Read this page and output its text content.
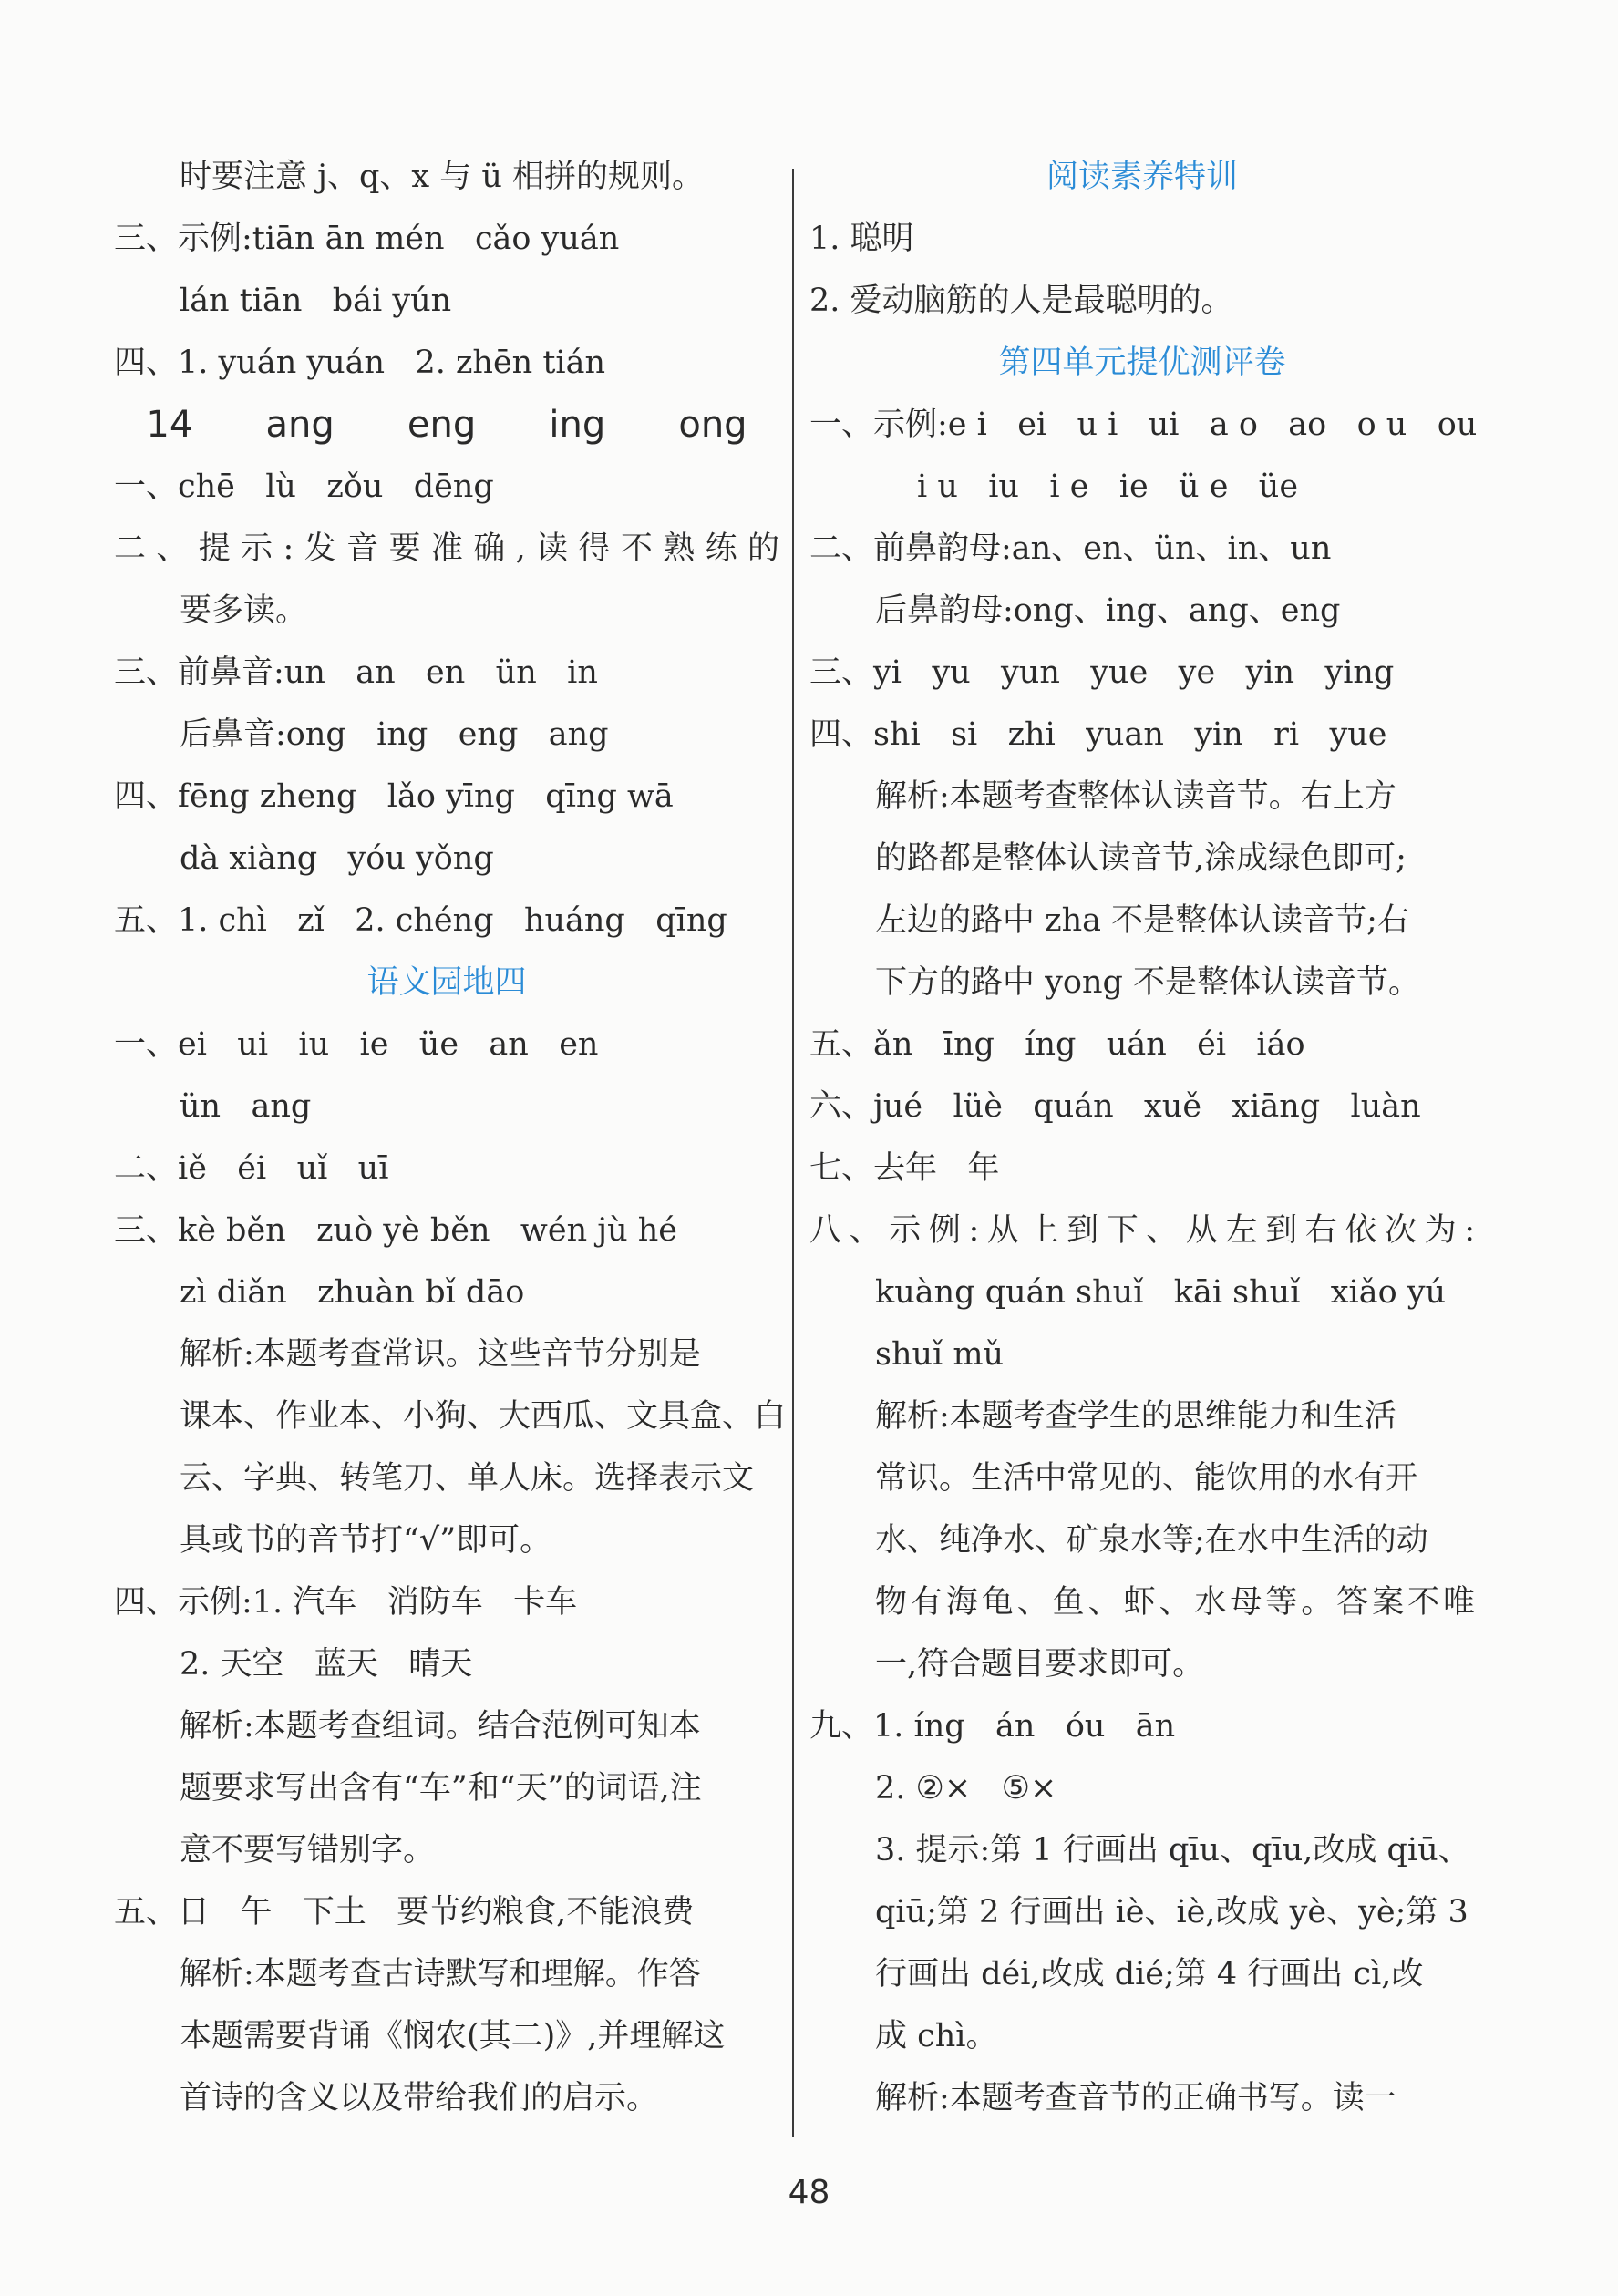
时要注意 j、q、x 与 ü 相拼的规则。
三、示例:tiān ān mén   cǎo yuán
lán tiān   bái yún
四、1. yuán yuán   2. zhēn tián
14   ang   eng   ing   ong
一、chē   lù   zǒu   dēng
二、提示:发音要准确,读得不熟练的
要多读。
三、前鼻音:un   an   en   ün   in
后鼻音:ong   ing   eng   ang
四、fēng zheng   lǎo yīng   qīng wā
dà xiàng   yóu yǒng
五、1. chì   zǐ   2. chéng   huáng   qīng
语文园地四
一、ei   ui   iu   ie   üe   an   en
ün   ang
二、iě   éi   uǐ   uī
三、kè běn   zuò yè běn   wén jù hé
zì diǎn   zhuàn bǐ dāo
解析:本题考查常识。这些音节分别是
课本、作业本、小狗、大西瓜、文具盒、白
云、字典、转笔刀、单人床。选择表示文
具或书的音节打“√”即可。
四、示例:1. 汽车   消防车   卡车
2. 天空   蓝天   晴天
解析:本题考查组词。结合范例可知本
题要求写出含有“车”和“天”的词语,注
意不要写错别字。
五、日   午   下土   要节约粮食,不能浪费
解析:本题考查古诗默写和理解。作答
本题需要背诵《悯农(其二)》,并理解这
首诗的含义以及带给我们的启示。
阅读素养特训
1. 聪明
2. 爱动脑筋的人是最聪明的。
第四单元提优测评卷
一、示例:e i   ei   u i   ui   a o   ao   o u   ou
i u   iu   i e   ie   ü e   üe
二、前鼻韵母:an、en、ün、in、un
后鼻韵母:ong、ing、ang、eng
三、yi   yu   yun   yue   ye   yin   ying
四、shi   si   zhi   yuan   yin   ri   yue
解析:本题考查整体认读音节。右上方
的路都是整体认读音节,涂成绿色即可;
左边的路中 zha 不是整体认读音节;右
下方的路中 yong 不是整体认读音节。
五、ǎn   īng   íng   uán   éi   iáo
六、jué   lüè   quán   xuě   xiāng   luàn
七、去年   年
八、示例:从上到下、从左到右依次为:
kuàng quán shuǐ   kāi shuǐ   xiǎo yú
shuǐ mǔ
解析:本题考查学生的思维能力和生活
常识。生活中常见的、能饮用的水有开
水、纯净水、矿泉水等;在水中生活的动
物有海龟、鱼、虾、水母等。答案不唯
一,符合题目要求即可。
九、1. íng   án   óu   ān
2. ②×   ⑤×
3. 提示:第 1 行画出 qīu、qīu,改成 qiū、
qiū;第 2 行画出 iè、iè,改成 yè、yè;第 3
行画出 déi,改成 dié;第 4 行画出 cì,改
成 chì。
解析:本题考查音节的正确书写。读一
48
